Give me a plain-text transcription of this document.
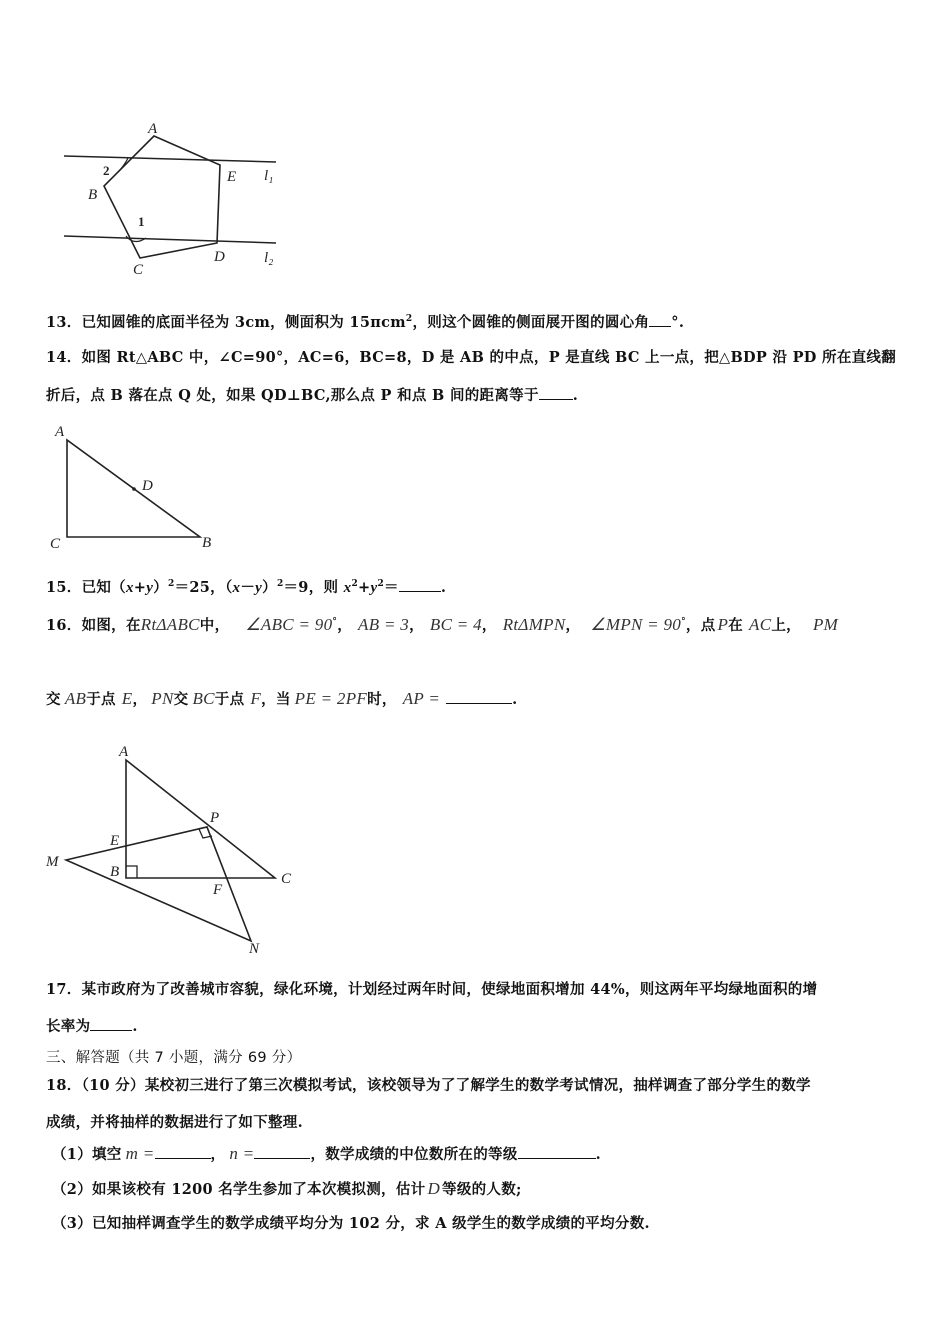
A
B
C
D
E l₁
l₂
1
2
13．已知圆锥的底面半径为 3cm，侧面积为 15πcm$^2$，则这个圆锥的侧面展开图的圆心角 °.
14．如图 Rt△ABC 中，∠C=90°，AC=6，BC=8，D 是 AB 的中点，P 是直线 BC 上一点，把△BDP 沿 PD 所在直线翻
折后，点 B 落在点 Q 处，如果 QD⊥BC,那么点 P 和点 B 间的距离等于 .
A
C	B
D
15．已知$(x+y)^2=25$，$(x-y)^2=9$，则 $x^2+y^2=$	.
16．如图，在RtΔABC中， ∠ABC = 90°， AB = 3， BC = 4， RtΔMPN， ∠MPN = 90°，点 P在 AC上， PM
交 AB于点 E， PN交 BC于点 F，当 PE = 2PF时， AP =	.
A
P
E
M
B	C
F
N
17．某市政府为了改善城市容貌，绿化环境，计划经过两年时间，使绿地面积增加 44%，则这两年平均绿地面积的增
长率为	.
三、解答题（共 7 小题，满分 69 分）
18．（10 分）某校初三进行了第三次模拟考试，该校领导为了了解学生的数学考试情况，抽样调查了部分学生的数学
成绩，并将抽样的数据进行了如下整理.
（1）填空 m =	， n =	，数学成绩的中位数所在的等级	.
（2）如果该校有 1200 名学生参加了本次模拟测，估计 D 等级的人数;
（3）已知抽样调查学生的数学成绩平均分为 102 分，求 A 级学生的数学成绩的平均分数.
